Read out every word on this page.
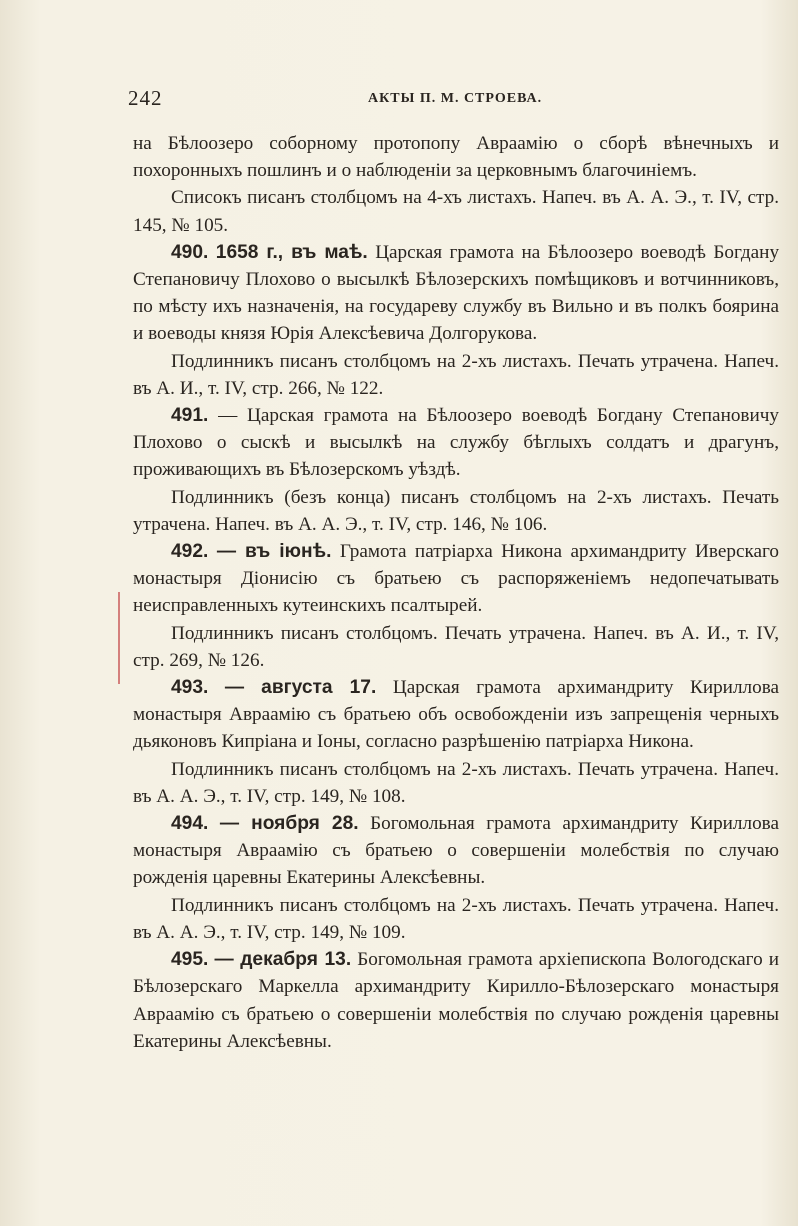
242	АКТЫ П. М. СТРОЕВА.

на Бѣлоозеро соборному протопопу Авраамію о сборѣ вѣнечныхъ и похоронныхъ пошлинъ и о наблюденіи за церковнымъ благочиніемъ.

Списокъ писанъ столбцомъ на 4-хъ листахъ. Напеч. въ А. А. Э., т. IV, стр. 145, № 105.

490. 1658 г., въ маѣ. Царская грамота на Бѣлоозеро воеводѣ Богдану Степановичу Плохово о высылкѣ Бѣлозерскихъ помѣщиковъ и вотчинниковъ, по мѣсту ихъ назначенія, на государеву службу въ Вильно и въ полкъ боярина и воеводы князя Юрія Алексѣевича Долгорукова.

Подлинникъ писанъ столбцомъ на 2-хъ листахъ. Печать утрачена. Напеч. въ А. И., т. IV, стр. 266, № 122.

491. — Царская грамота на Бѣлоозеро воеводѣ Богдану Степановичу Плохово о сыскѣ и высылкѣ на службу бѣглыхъ солдатъ и драгунъ, проживающихъ въ Бѣлозерскомъ уѣздѣ.

Подлинникъ (безъ конца) писанъ столбцомъ на 2-хъ листахъ. Печать утрачена. Напеч. въ А. А. Э., т. IV, стр. 146, № 106.

492. — въ іюнѣ. Грамота патріарха Никона архимандриту Иверскаго монастыря Діонисію съ братьею съ распоряженіемъ недопечатывать неисправленныхъ кутеинскихъ псалтырей.

Подлинникъ писанъ столбцомъ. Печать утрачена. Напеч. въ А. И., т. IV, стр. 269, № 126.

493. — августа 17. Царская грамота архимандриту Кириллова монастыря Авраамію съ братьею объ освобожденіи изъ запрещенія черныхъ дьяконовъ Кипріана и Іоны, согласно разрѣшенію патріарха Никона.

Подлинникъ писанъ столбцомъ на 2-хъ листахъ. Печать утрачена. Напеч. въ А. А. Э., т. IV, стр. 149, № 108.

494. — ноября 28. Богомольная грамота архимандриту Кириллова монастыря Авраамію съ братьею о совершеніи молебствія по случаю рожденія царевны Екатерины Алексѣевны.

Подлинникъ писанъ столбцомъ на 2-хъ листахъ. Печать утрачена. Напеч. въ А. А. Э., т. IV, стр. 149, № 109.

495. — декабря 13. Богомольная грамота архіепископа Вологодскаго и Бѣлозерскаго Маркелла архимандриту Кирилло-Бѣлозерскаго монастыря Авраамію съ братьею о совершеніи молебствія по случаю рожденія царевны Екатерины Алексѣевны.
